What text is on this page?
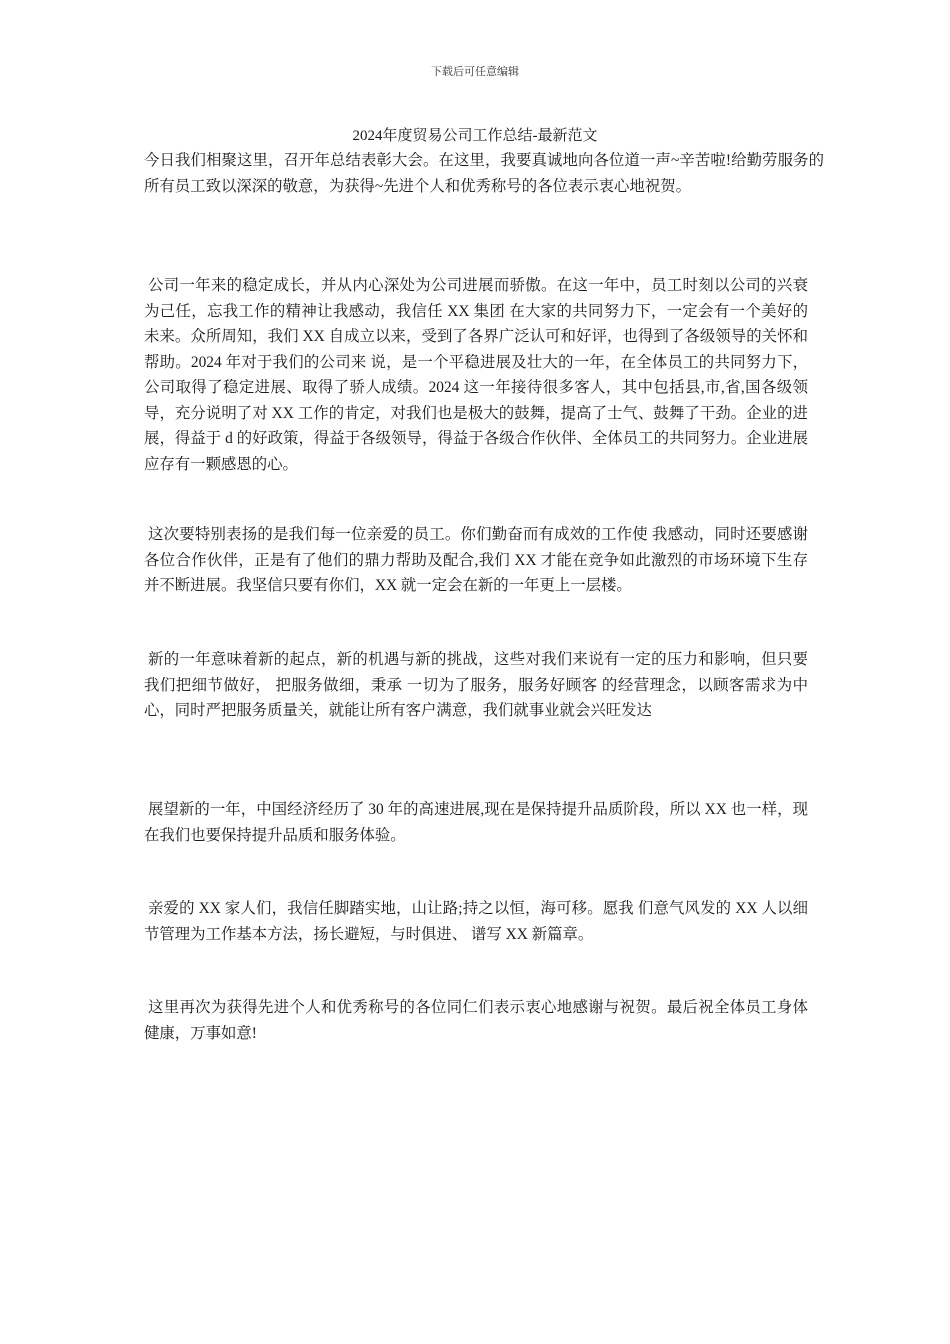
下载后可任意编辑
2024年度贸易公司工作总结-最新范文

今日我们相聚这里，召开年总结表彰大会。在这里，我要真诚地向各位道一声~辛苦啦!给勤劳服务的所有员工致以深深的敬意，为获得~先进个人和优秀称号的各位表示衷心地祝贺。

公司一年来的稳定成长，并从内心深处为公司进展而骄傲。在这一年中，员工时刻以公司的兴衰为己任，忘我工作的精神让我感动，我信任 XX 集团 在大家的共同努力下，一定会有一个美好的未来。众所周知，我们 XX 自成立以来，受到了各界广泛认可和好评，也得到了各级领导的关怀和帮助。2024 年对于我们的公司来 说，是一个平稳进展及壮大的一年，在全体员工的共同努力下，公司取得了稳定进展、取得了骄人成绩。2024 这一年接待很多客人，其中包括县,市,省,国各级领导，充分说明了对 XX 工作的肯定，对我们也是极大的鼓舞，提高了士气、鼓舞了干劲。企业的进展，得益于 d 的好政策，得益于各级领导，得益于各级合作伙伴、全体员工的共同努力。企业进展应存有一颗感恩的心。

这次要特别表扬的是我们每一位亲爱的员工。你们勤奋而有成效的工作使 我感动，同时还要感谢各位合作伙伴，正是有了他们的鼎力帮助及配合,我们 XX 才能在竞争如此激烈的市场环境下生存并不断进展。我坚信只要有你们，XX 就一定会在新的一年更上一层楼。

新的一年意味着新的起点，新的机遇与新的挑战，这些对我们来说有一定的压力和影响，但只要我们把细节做好， 把服务做细，秉承 一切为了服务，服务好顾客 的经营理念，以顾客需求为中心，同时严把服务质量关，就能让所有客户满意，我们就事业就会兴旺发达

展望新的一年，中国经济经历了 30 年的高速进展,现在是保持提升品质阶段，所以 XX 也一样，现在我们也要保持提升品质和服务体验。

亲爱的 XX 家人们，我信任脚踏实地，山让路;持之以恒，海可移。愿我 们意气风发的 XX 人以细节管理为工作基本方法，扬长避短，与时俱进、 谱写 XX 新篇章。

这里再次为获得先进个人和优秀称号的各位同仁们表示衷心地感谢与祝贺。最后祝全体员工身体健康，万事如意!
